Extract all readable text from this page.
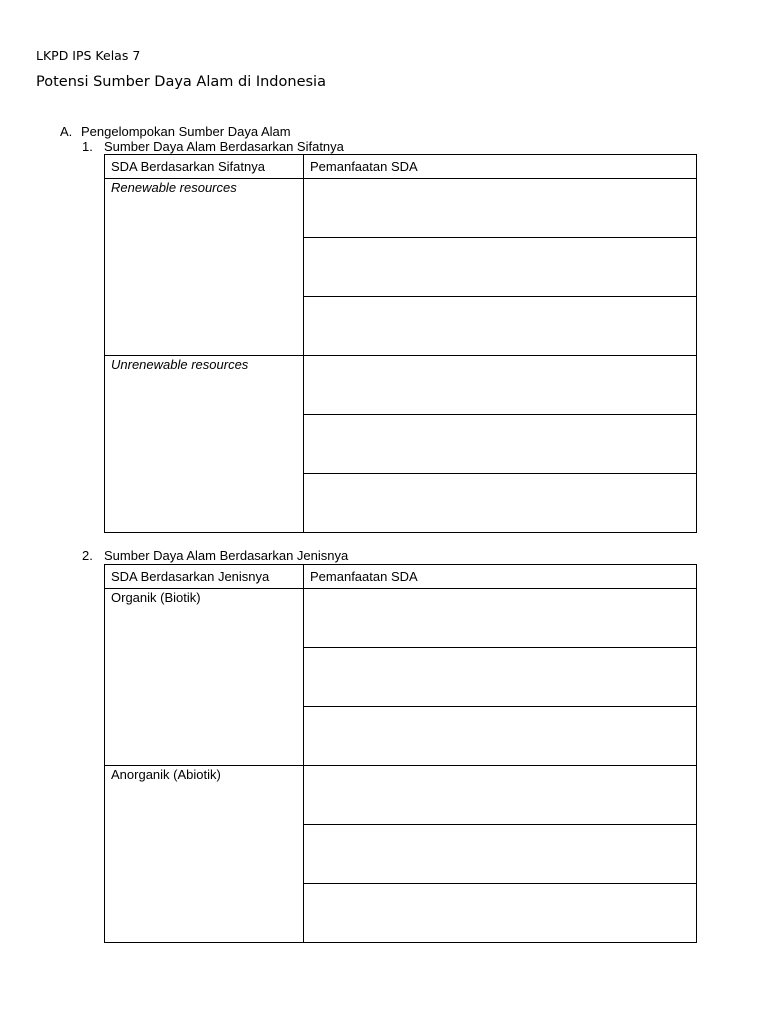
LKPD IPS Kelas 7

Potensi Sumber Daya Alam di Indonesia

A. Pengelompokan Sumber Daya Alam

1. Sumber Daya Alam Berdasarkan Sifatnya

SDA Berdasarkan Sifatnya	Pemanfaatan SDA
Renewable resources	

Unrenewable resources	

2. Sumber Daya Alam Berdasarkan Jenisnya

SDA Berdasarkan Jenisnya	Pemanfaatan SDA
Organik (Biotik)	

Anorganik (Abiotik)	
